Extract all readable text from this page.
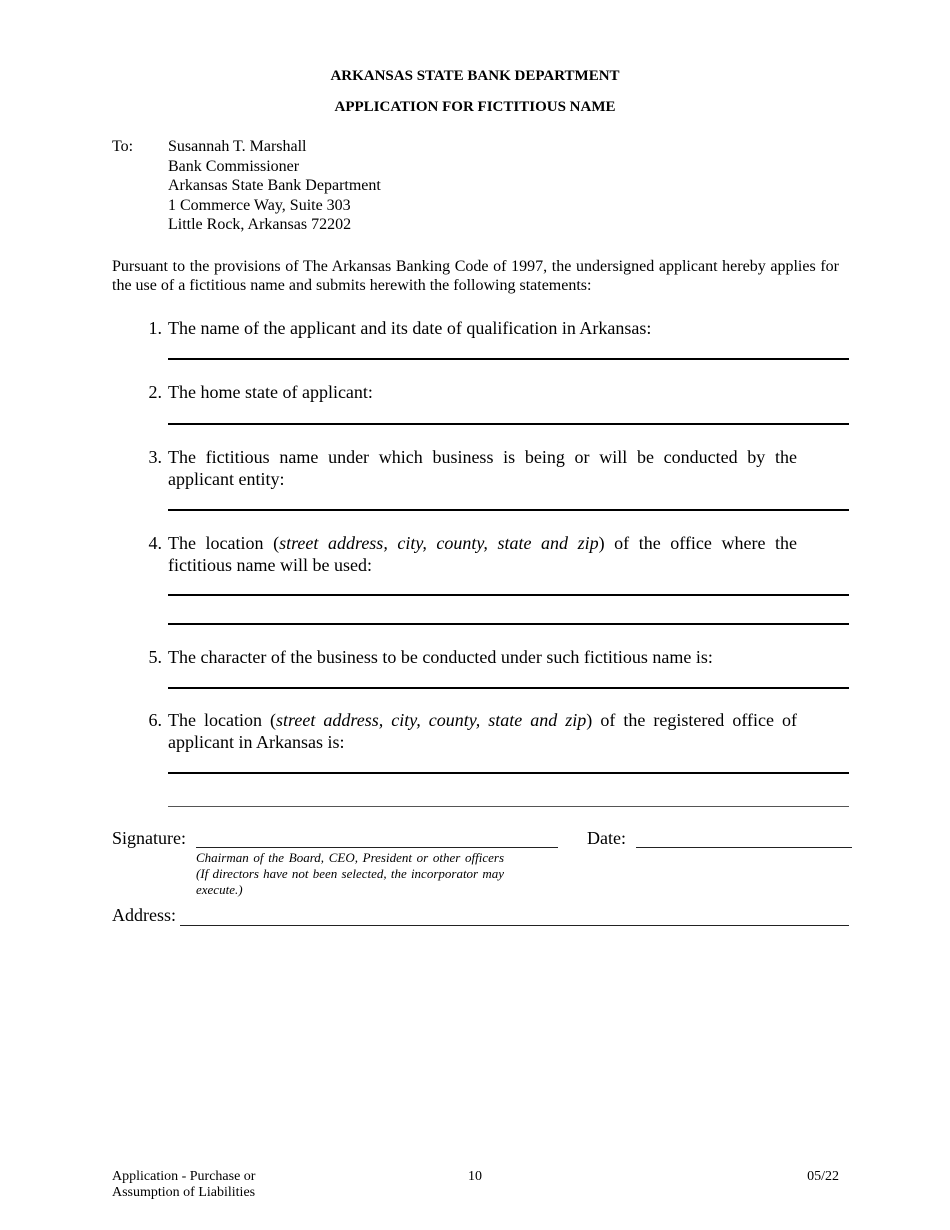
ARKANSAS STATE BANK DEPARTMENT
APPLICATION FOR FICTITIOUS NAME
To: Susannah T. Marshall
Bank Commissioner
Arkansas State Bank Department
1 Commerce Way, Suite 303
Little Rock, Arkansas 72202
Pursuant to the provisions of The Arkansas Banking Code of 1997, the undersigned applicant hereby applies for the use of a fictitious name and submits herewith the following statements:
1. The name of the applicant and its date of qualification in Arkansas:
2. The home state of applicant:
3. The fictitious name under which business is being or will be conducted by the applicant entity:
4. The location (street address, city, county, state and zip) of the office where the fictitious name will be used:
5. The character of the business to be conducted under such fictitious name is:
6. The location (street address, city, county, state and zip) of the registered office of applicant in Arkansas is:
Signature:	Date:
Chairman of the Board, CEO, President or other officers (If directors have not been selected, the incorporator may execute.)
Address:
Application - Purchase or
Assumption of Liabilities
10	05/22
